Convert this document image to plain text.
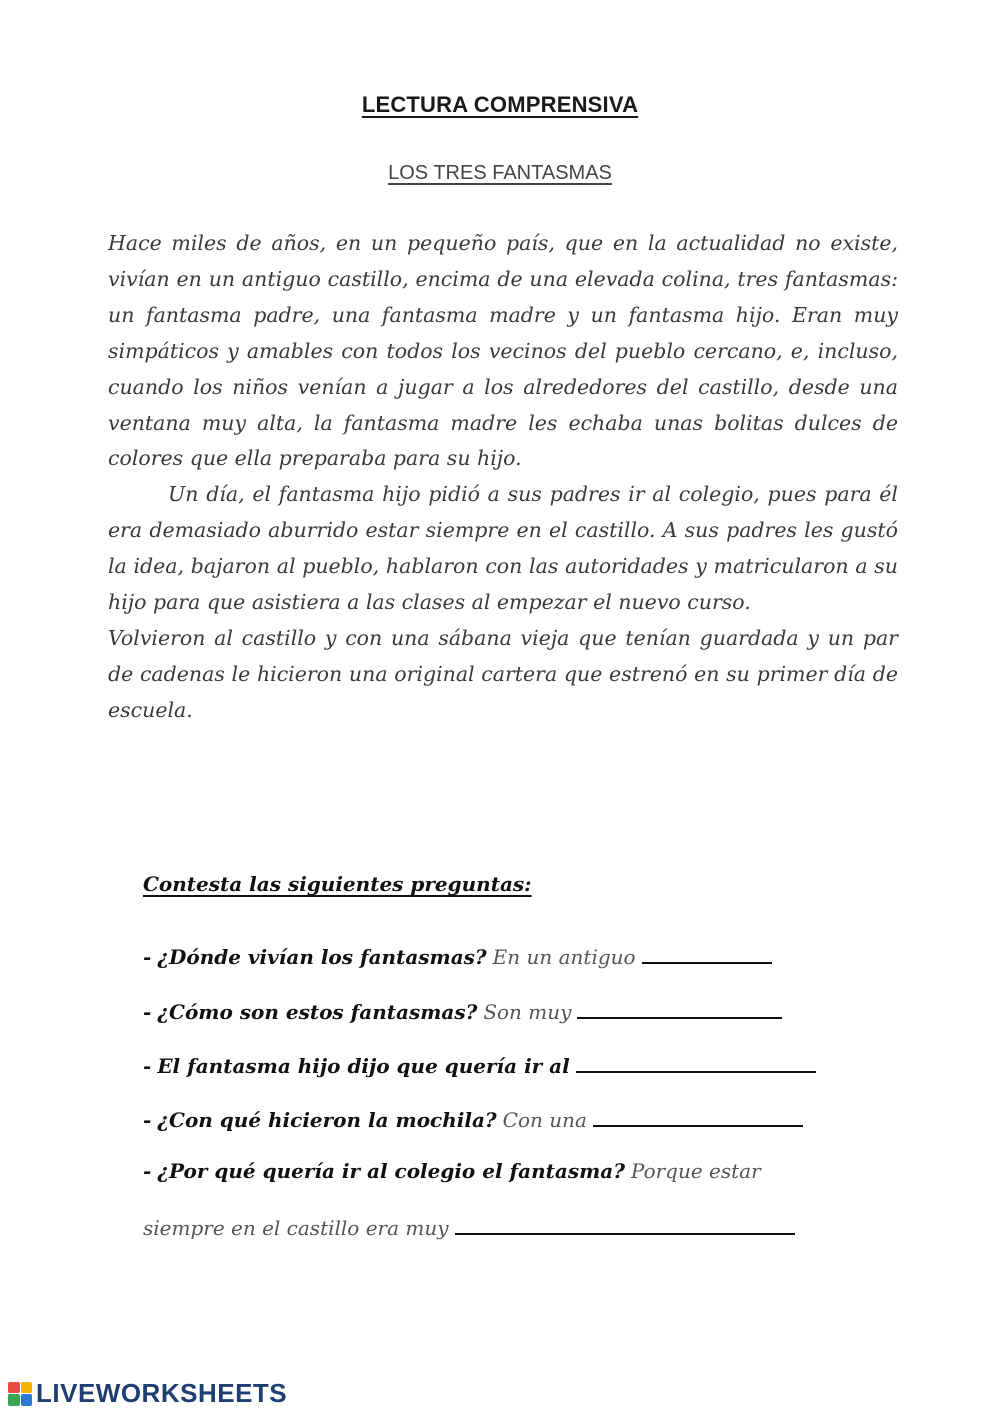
LECTURA COMPRENSIVA
LOS TRES FANTASMAS

Hace miles de años, en un pequeño país, que en la actualidad no existe, vivían en un antiguo castillo, encima de una elevada colina, tres fantasmas: un fantasma padre, una fantasma madre y un fantasma hijo. Eran muy simpáticos y amables con todos los vecinos del pueblo cercano, e, incluso, cuando los niños venían a jugar a los alrededores del castillo, desde una ventana muy alta, la fantasma madre les echaba unas bolitas dulces de colores que ella preparaba para su hijo.

Un día, el fantasma hijo pidió a sus padres ir al colegio, pues para él era demasiado aburrido estar siempre en el castillo. A sus padres les gustó la idea, bajaron al pueblo, hablaron con las autoridades y matricularon a su hijo para que asistiera a las clases al empezar el nuevo curso.

Volvieron al castillo y con una sábana vieja que tenían guardada y un par de cadenas le hicieron una original cartera que estrenó en su primer día de escuela.

Contesta las siguientes preguntas:
- ¿Dónde vivían los fantasmas? En un antiguo
- ¿Cómo son estos fantasmas? Son muy
- El fantasma hijo dijo que quería ir al
- ¿Con qué hicieron la mochila? Con una
- ¿Por qué quería ir al colegio el fantasma? Porque estar
siempre en el castillo era muy
LIVEWORKSHEETS
